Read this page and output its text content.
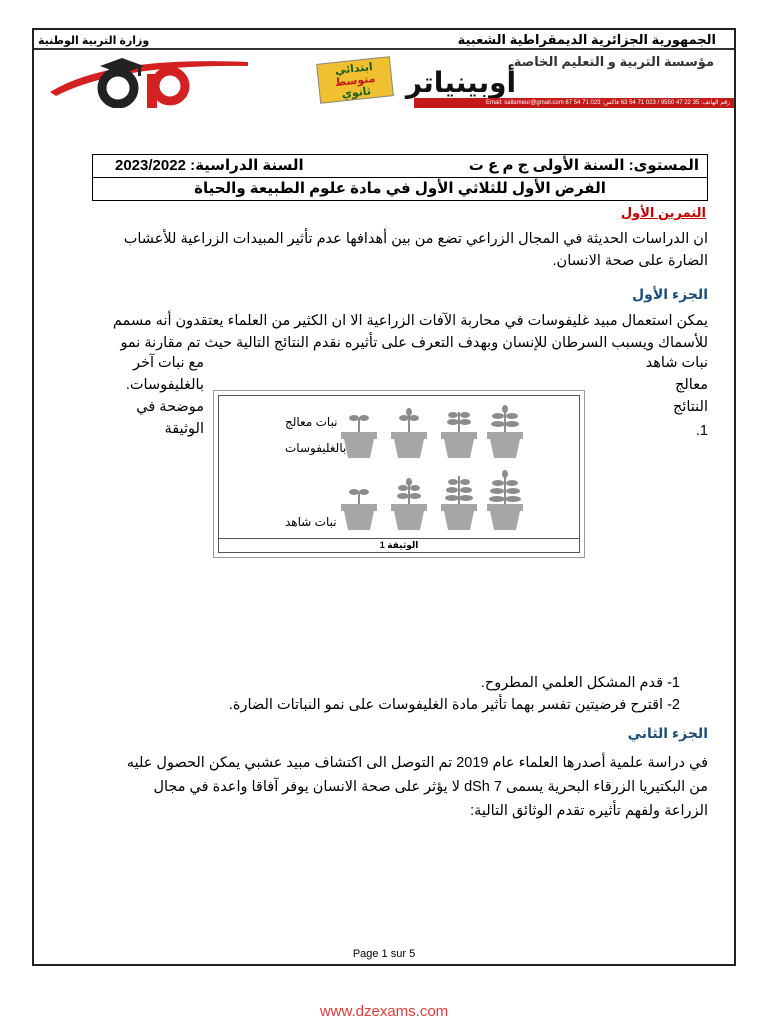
الجمهورية الجزائرية الديمقراطية الشعبية
وزارة التربية الوطنية
مؤسسة التربية و التعليم الخاصة
أوبينياتر
ابتدائي
متوسط
ثانوي
رقم الهاتف: 35 22 47 9550 / 023 71 54 63 فاكس: 023 71 54 67 Email: sallameur@gmail.com
المستوى: السنة الأولى ج م ع ت
السنة الدراسية: 2023/2022
الفرض الأول للثلاثي الأول في مادة علوم الطبيعة والحياة
التمرين الأول
ان الدراسات الحديثة في المجال الزراعي تضع من بين أهدافها عدم تأثير المبيدات الزراعية للأعشاب الضارة على صحة الانسان.
الجزء الأول
يمكن استعمال مبيد غليفوسات في محاربة الآفات الزراعية الا ان الكثير من العلماء يعتقدون أنه مسمم
للأسماك ويسبب السرطان للإنسان وبهدف التعرف على تأثيره نقدم النتائج التالية حيث تم مقارنة نمو
نبات شاهد
معالج
النتائج
1.
مع نبات آخر
بالغليفوسات.
موضحة في الوثيقة	نبات معالج
بالغليفوسات
نبات شاهد
الوثيقة 1
1- قدم المشكل العلمي المطروح.
2- اقترح فرضيتين تفسر بهما تأثير مادة الغليفوسات على نمو النباتات الضارة.
الجزء الثاني
في دراسة علمية أصدرها العلماء عام 2019 تم التوصل الى اكتشاف مبيد عشبي يمكن الحصول عليه
من البكتيريا الزرقاء البحرية يسمى dSh 7 لا يؤثر على صحة الانسان يوفر آفاقا واعدة في مجال
الزراعة ولفهم تأثيره تقدم الوثائق التالية:
Page 1 sur 5
www.dzexams.com
